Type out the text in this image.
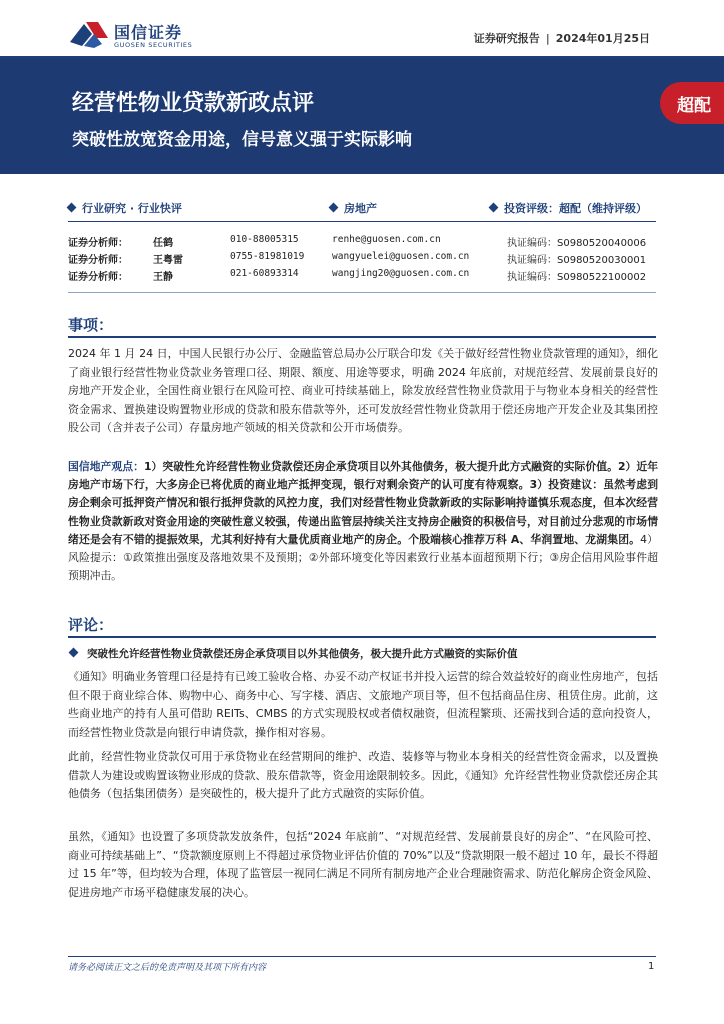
国信证券
GUOSEN SECURITIES	证券研究报告 | 2024年01月25日
经营性物业贷款新政点评
突破性放宽资金用途，信号意义强于实际影响
超配
行业研究 · 行业快评	房地产	投资评级：超配（维持评级）
证券分析师：	任鹤	010-88005315	renhe@guosen.com.cn	执证编码：S0980520040006
证券分析师：	王粤雷	0755-81981019	wangyuelei@guosen.com.cn	执证编码：S0980520030001
证券分析师：	王静	021-60893314	wangjing20@guosen.com.cn	执证编码：S0980522100002
事项：
2024 年 1 月 24 日，中国人民银行办公厅、金融监管总局办公厅联合印发《关于做好经营性物业贷款管理的通知》，细化了商业银行经营性物业贷款业务管理口径、期限、额度、用途等要求，明确 2024 年底前，对规范经营、发展前景良好的房地产开发企业，全国性商业银行在风险可控、商业可持续基础上，除发放经营性物业贷款用于与物业本身相关的经营性资金需求、置换建设购置物业形成的贷款和股东借款等外，还可发放经营性物业贷款用于偿还房地产开发企业及其集团控股公司（含并表子公司）存量房地产领域的相关贷款和公开市场债券。
国信地产观点：1）突破性允许经营性物业贷款偿还房企承贷项目以外其他债务，极大提升此方式融资的实际价值。2）近年房地产市场下行，大多房企已将优质的商业地产抵押变现，银行对剩余资产的认可度有待观察。3）投资建议：虽然考虑到房企剩余可抵押资产情况和银行抵押贷款的风控力度，我们对经营性物业贷款新政的实际影响持谨慎乐观态度，但本次经营性物业贷款新政对资金用途的突破性意义较强，传递出监管层持续关注支持房企融资的积极信号，对目前过分悲观的市场情绪还是会有不错的提振效果，尤其利好持有大量优质商业地产的房企。个股端核心推荐万科 A、华润置地、龙湖集团。4）风险提示：①政策推出强度及落地效果不及预期；②外部环境变化等因素致行业基本面超预期下行；③房企信用风险事件超预期冲击。
评论：
突破性允许经营性物业贷款偿还房企承贷项目以外其他债务，极大提升此方式融资的实际价值
《通知》明确业务管理口径是持有已竣工验收合格、办妥不动产权证书并投入运营的综合效益较好的商业性房地产，包括但不限于商业综合体、购物中心、商务中心、写字楼、酒店、文旅地产项目等，但不包括商品住房、租赁住房。此前，这些商业地产的持有人虽可借助 REITs、CMBS 的方式实现股权或者债权融资，但流程繁琐、还需找到合适的意向投资人，而经营性物业贷款是向银行申请贷款，操作相对容易。
此前，经营性物业贷款仅可用于承贷物业在经营期间的维护、改造、装修等与物业本身相关的经营性资金需求，以及置换借款人为建设或购置该物业形成的贷款、股东借款等，资金用途限制较多。因此，《通知》允许经营性物业贷款偿还房企其他债务（包括集团债务）是突破性的，极大提升了此方式融资的实际价值。
虽然，《通知》也设置了多项贷款发放条件，包括“2024 年底前”、“对规范经营、发展前景良好的房企”、“在风险可控、商业可持续基础上”、“贷款额度原则上不得超过承贷物业评估价值的 70%”以及“贷款期限一般不超过 10 年，最长不得超过 15 年”等，但均较为合理，体现了监管层一视同仁满足不同所有制房地产企业合理融资需求、防范化解房企资金风险、促进房地产市场平稳健康发展的决心。
请务必阅读正文之后的免责声明及其项下所有内容	1
